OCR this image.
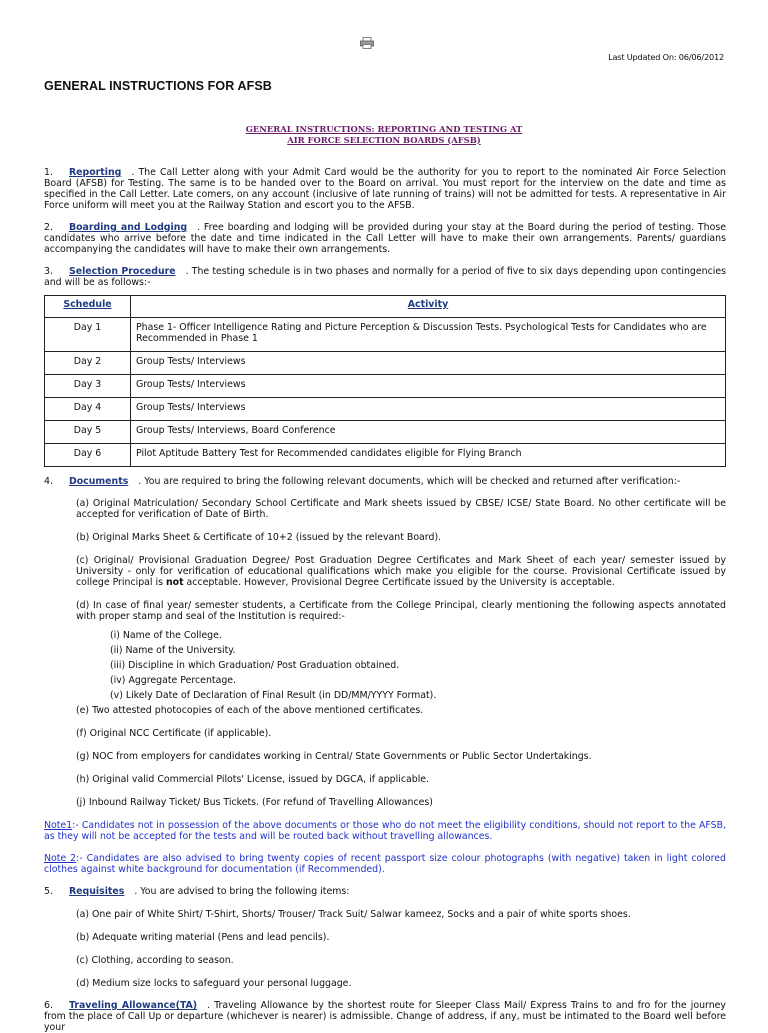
Last Updated On: 06/06/2012
GENERAL INSTRUCTIONS FOR AFSB
GENERAL INSTRUCTIONS: REPORTING AND TESTING AT
AIR FORCE SELECTION BOARDS (AFSB)

1. Reporting . The Call Letter along with your Admit Card would be the authority for you to report to the nominated Air Force Selection Board (AFSB) for Testing. The same is to be handed over to the Board on arrival. You must report for the interview on the date and time as specified in the Call Letter. Late comers, on any account (inclusive of late running of trains) will not be admitted for tests. A representative in Air Force uniform will meet you at the Railway Station and escort you to the AFSB.

2. Boarding and Lodging . Free boarding and lodging will be provided during your stay at the Board during the period of testing. Those candidates who arrive before the date and time indicated in the Call Letter will have to make their own arrangements. Parents/ guardians accompanying the candidates will have to make their own arrangements.

3. Selection Procedure . The testing schedule is in two phases and normally for a period of five to six days depending upon contingencies and will be as follows:-

Schedule	Activity
Day 1	Phase 1- Officer Intelligence Rating and Picture Perception & Discussion Tests. Psychological Tests for Candidates who are Recommended in Phase 1
Day 2	Group Tests/ Interviews
Day 3	Group Tests/ Interviews
Day 4	Group Tests/ Interviews
Day 5	Group Tests/ Interviews, Board Conference
Day 6	Pilot Aptitude Battery Test for Recommended candidates eligible for Flying Branch

4. Documents . You are required to bring the following relevant documents, which will be checked and returned after verification:-

(a) Original Matriculation/ Secondary School Certificate and Mark sheets issued by CBSE/ ICSE/ State Board. No other certificate will be accepted for verification of Date of Birth.

(b) Original Marks Sheet & Certificate of 10+2 (issued by the relevant Board).

(c) Original/ Provisional Graduation Degree/ Post Graduation Degree Certificates and Mark Sheet of each year/ semester issued by University - only for verification of educational qualifications which make you eligible for the course. Provisional Certificate issued by college Principal is not acceptable. However, Provisional Degree Certificate issued by the University is acceptable.

(d) In case of final year/ semester students, a Certificate from the College Principal, clearly mentioning the following aspects annotated with proper stamp and seal of the Institution is required:-

(i) Name of the College.

(ii) Name of the University.

(iii) Discipline in which Graduation/ Post Graduation obtained.

(iv) Aggregate Percentage.

(v) Likely Date of Declaration of Final Result (in DD/MM/YYYY Format).

(e) Two attested photocopies of each of the above mentioned certificates.

(f) Original NCC Certificate (if applicable).

(g) NOC from employers for candidates working in Central/ State Governments or Public Sector Undertakings.

(h) Original valid Commercial Pilots' License, issued by DGCA, if applicable.

(j) Inbound Railway Ticket/ Bus Tickets. (For refund of Travelling Allowances)

Note1:- Candidates not in possession of the above documents or those who do not meet the eligibility conditions, should not report to the AFSB, as they will not be accepted for the tests and will be routed back without travelling allowances.

Note 2:- Candidates are also advised to bring twenty copies of recent passport size colour photographs (with negative) taken in light colored clothes against white background for documentation (if Recommended).

5. Requisites . You are advised to bring the following items:

(a) One pair of White Shirt/ T-Shirt, Shorts/ Trouser/ Track Suit/ Salwar kameez, Socks and a pair of white sports shoes.

(b) Adequate writing material (Pens and lead pencils).

(c) Clothing, according to season.

(d) Medium size locks to safeguard your personal luggage.

6. Traveling Allowance(TA) . Traveling Allowance by the shortest route for Sleeper Class Mail/ Express Trains to and fro for the journey from the place of Call Up or departure (whichever is nearer) is admissible. Change of address, if any, must be intimated to the Board well before your
